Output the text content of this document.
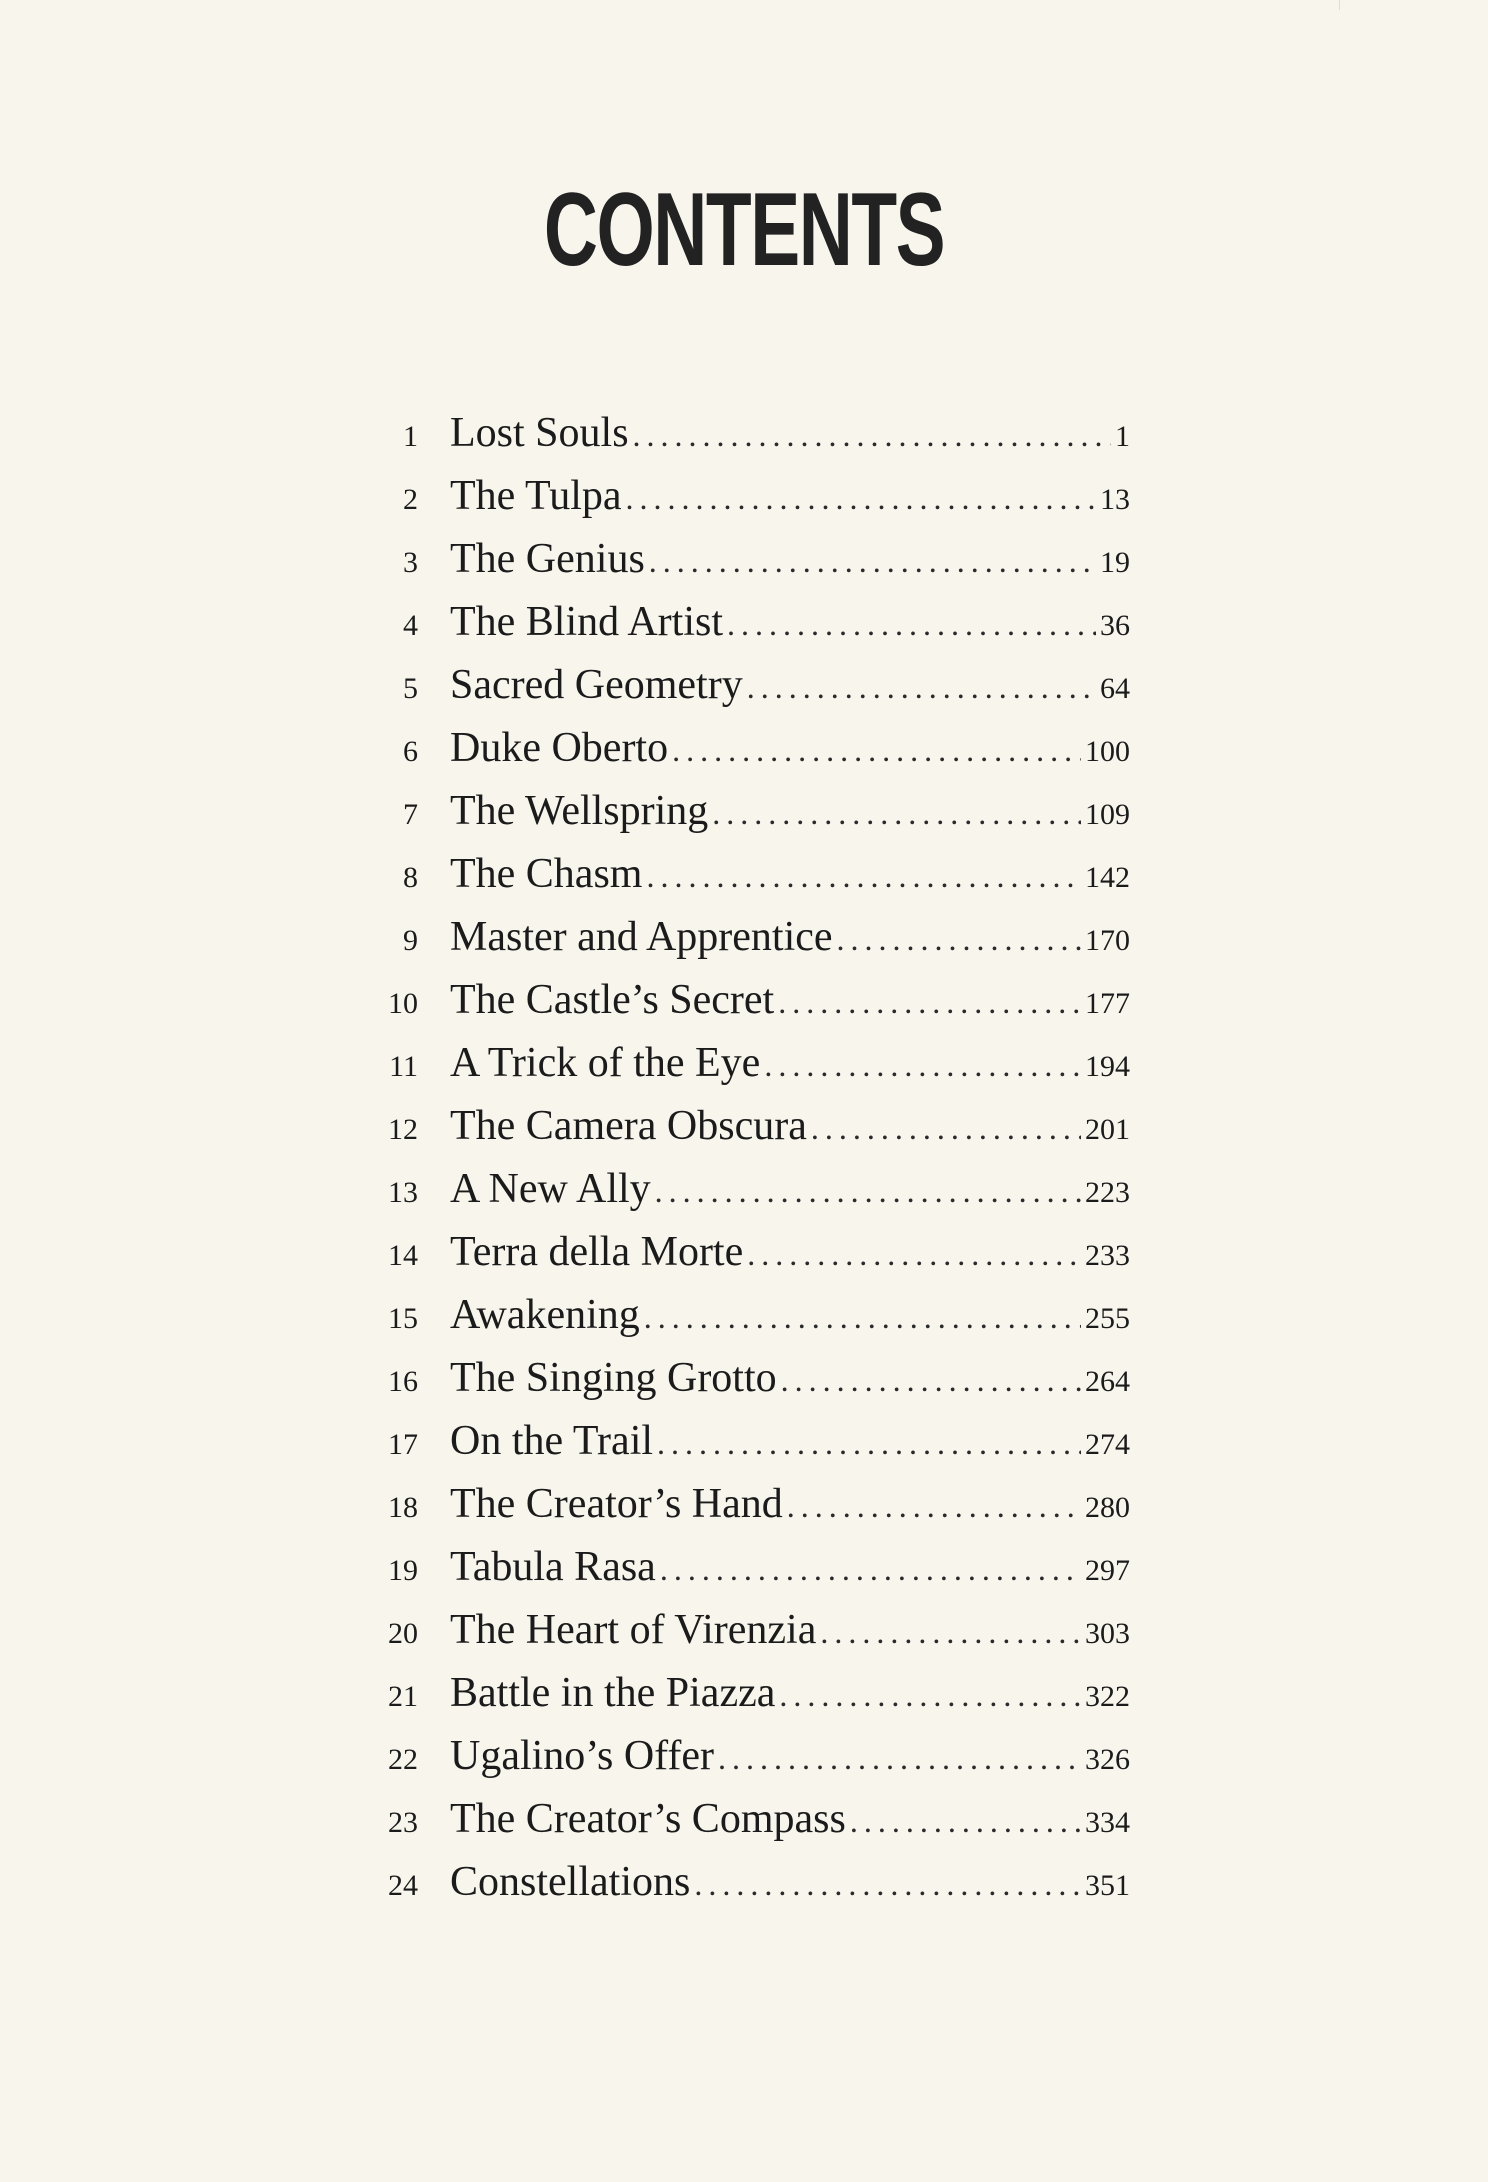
CONTENTS
1 Lost Souls . . .	1
2 The Tulpa . . .	13
3 The Genius . . .	19
4 The Blind Artist . . .	36
5 Sacred Geometry . . .	64
6 Duke Oberto . . .	100
7 The Wellspring . . .	109
8 The Chasm . . .	142
9 Master and Apprentice . . .	170
10 The Castle’s Secret . . .	177
11 A Trick of the Eye . . .	194
12 The Camera Obscura . . .	201
13 A New Ally . . .	223
14 Terra della Morte . . .	233
15 Awakening . . .	255
16 The Singing Grotto . . .	264
17 On the Trail . . .	274
18 The Creator’s Hand . . .	280
19 Tabula Rasa . . .	297
20 The Heart of Virenzia . . .	303
21 Battle in the Piazza . . .	322
22 Ugalino’s Offer . . .	326
23 The Creator’s Compass . . .	334
24 Constellations . . .	351
